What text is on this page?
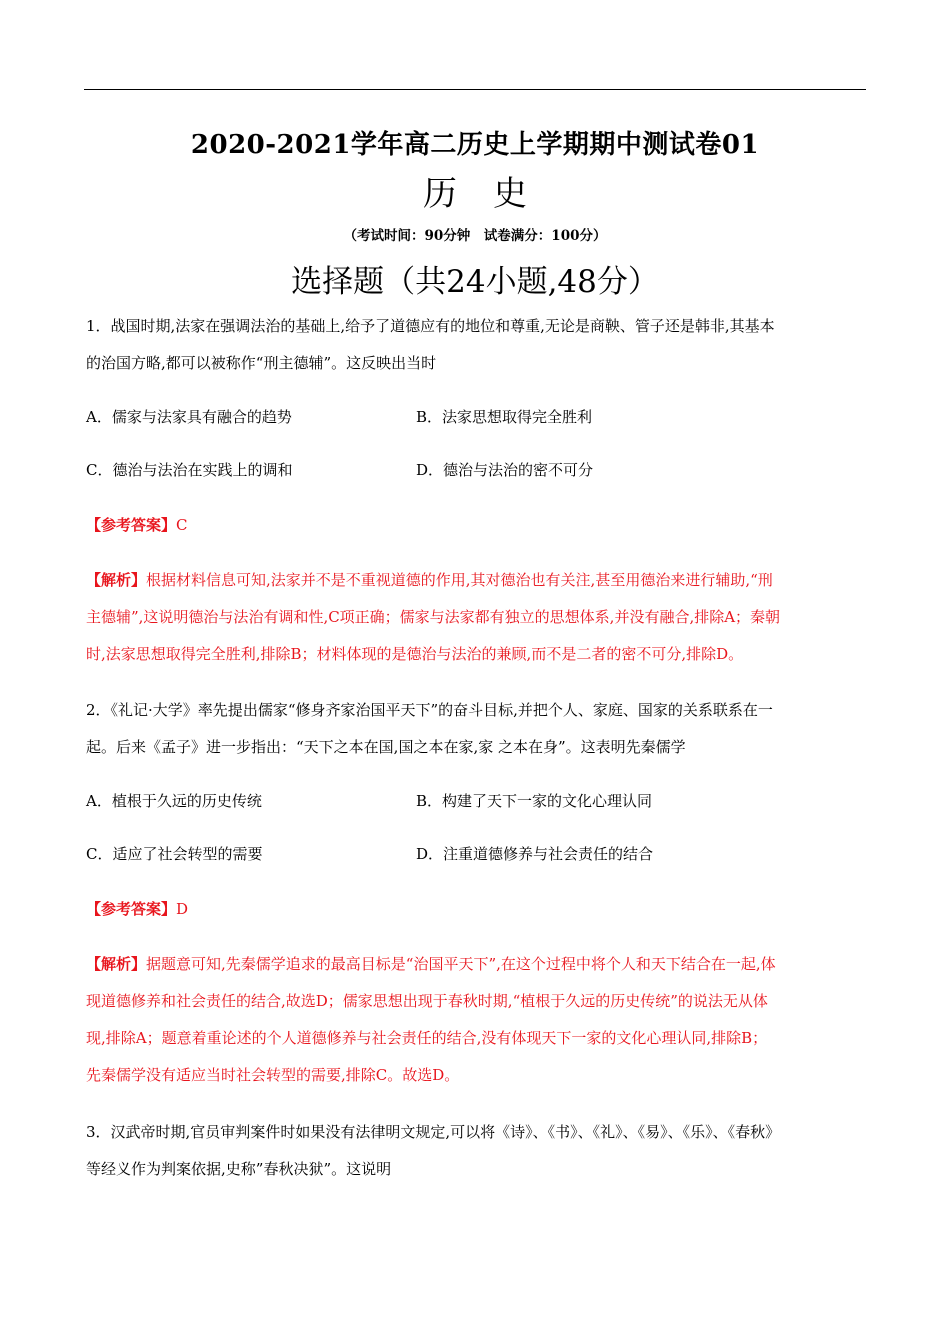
2020-2021学年高二历史上学期期中测试卷01
历史
（考试时间：90分钟　试卷满分：100分）
选择题（共24小题,48分）
1．战国时期,法家在强调法治的基础上,给予了道德应有的地位和尊重,无论是商鞅、管子还是韩非,其基本
的治国方略,都可以被称作“刑主德辅”。这反映出当时
A．儒家与法家具有融合的趋势	B．法家思想取得完全胜利
C．德治与法治在实践上的调和	D．德治与法治的密不可分
【参考答案】C
【解析】根据材料信息可知,法家并不是不重视道德的作用,其对德治也有关注,甚至用德治来进行辅助,“刑
主德辅”,这说明德治与法治有调和性,C项正确；儒家与法家都有独立的思想体系,并没有融合,排除A；秦朝
时,法家思想取得完全胜利,排除B；材料体现的是德治与法治的兼顾,而不是二者的密不可分,排除D。
2．《礼记·大学》率先提出儒家“修身齐家治国平天下”的奋斗目标,并把个人、家庭、国家的关系联系在一
起。后来《孟子》进一步指出：“天下之本在国,国之本在家,家 之本在身”。这表明先秦儒学
A．植根于久远的历史传统	B．构建了天下一家的文化心理认同
C．适应了社会转型的需要	D．注重道德修养与社会责任的结合
【参考答案】D
【解析】据题意可知,先秦儒学追求的最高目标是“治国平天下”,在这个过程中将个人和天下结合在一起,体
现道德修养和社会责任的结合,故选D；儒家思想出现于春秋时期,“植根于久远的历史传统”的说法无从体
现,排除A；题意着重论述的个人道德修养与社会责任的结合,没有体现天下一家的文化心理认同,排除B；
先秦儒学没有适应当时社会转型的需要,排除C。故选D。
3．汉武帝时期,官员审判案件时如果没有法律明文规定,可以将《诗》、《书》、《礼》、《易》、《乐》、《春秋》
等经义作为判案依据,史称”春秋决狱”。这说明
